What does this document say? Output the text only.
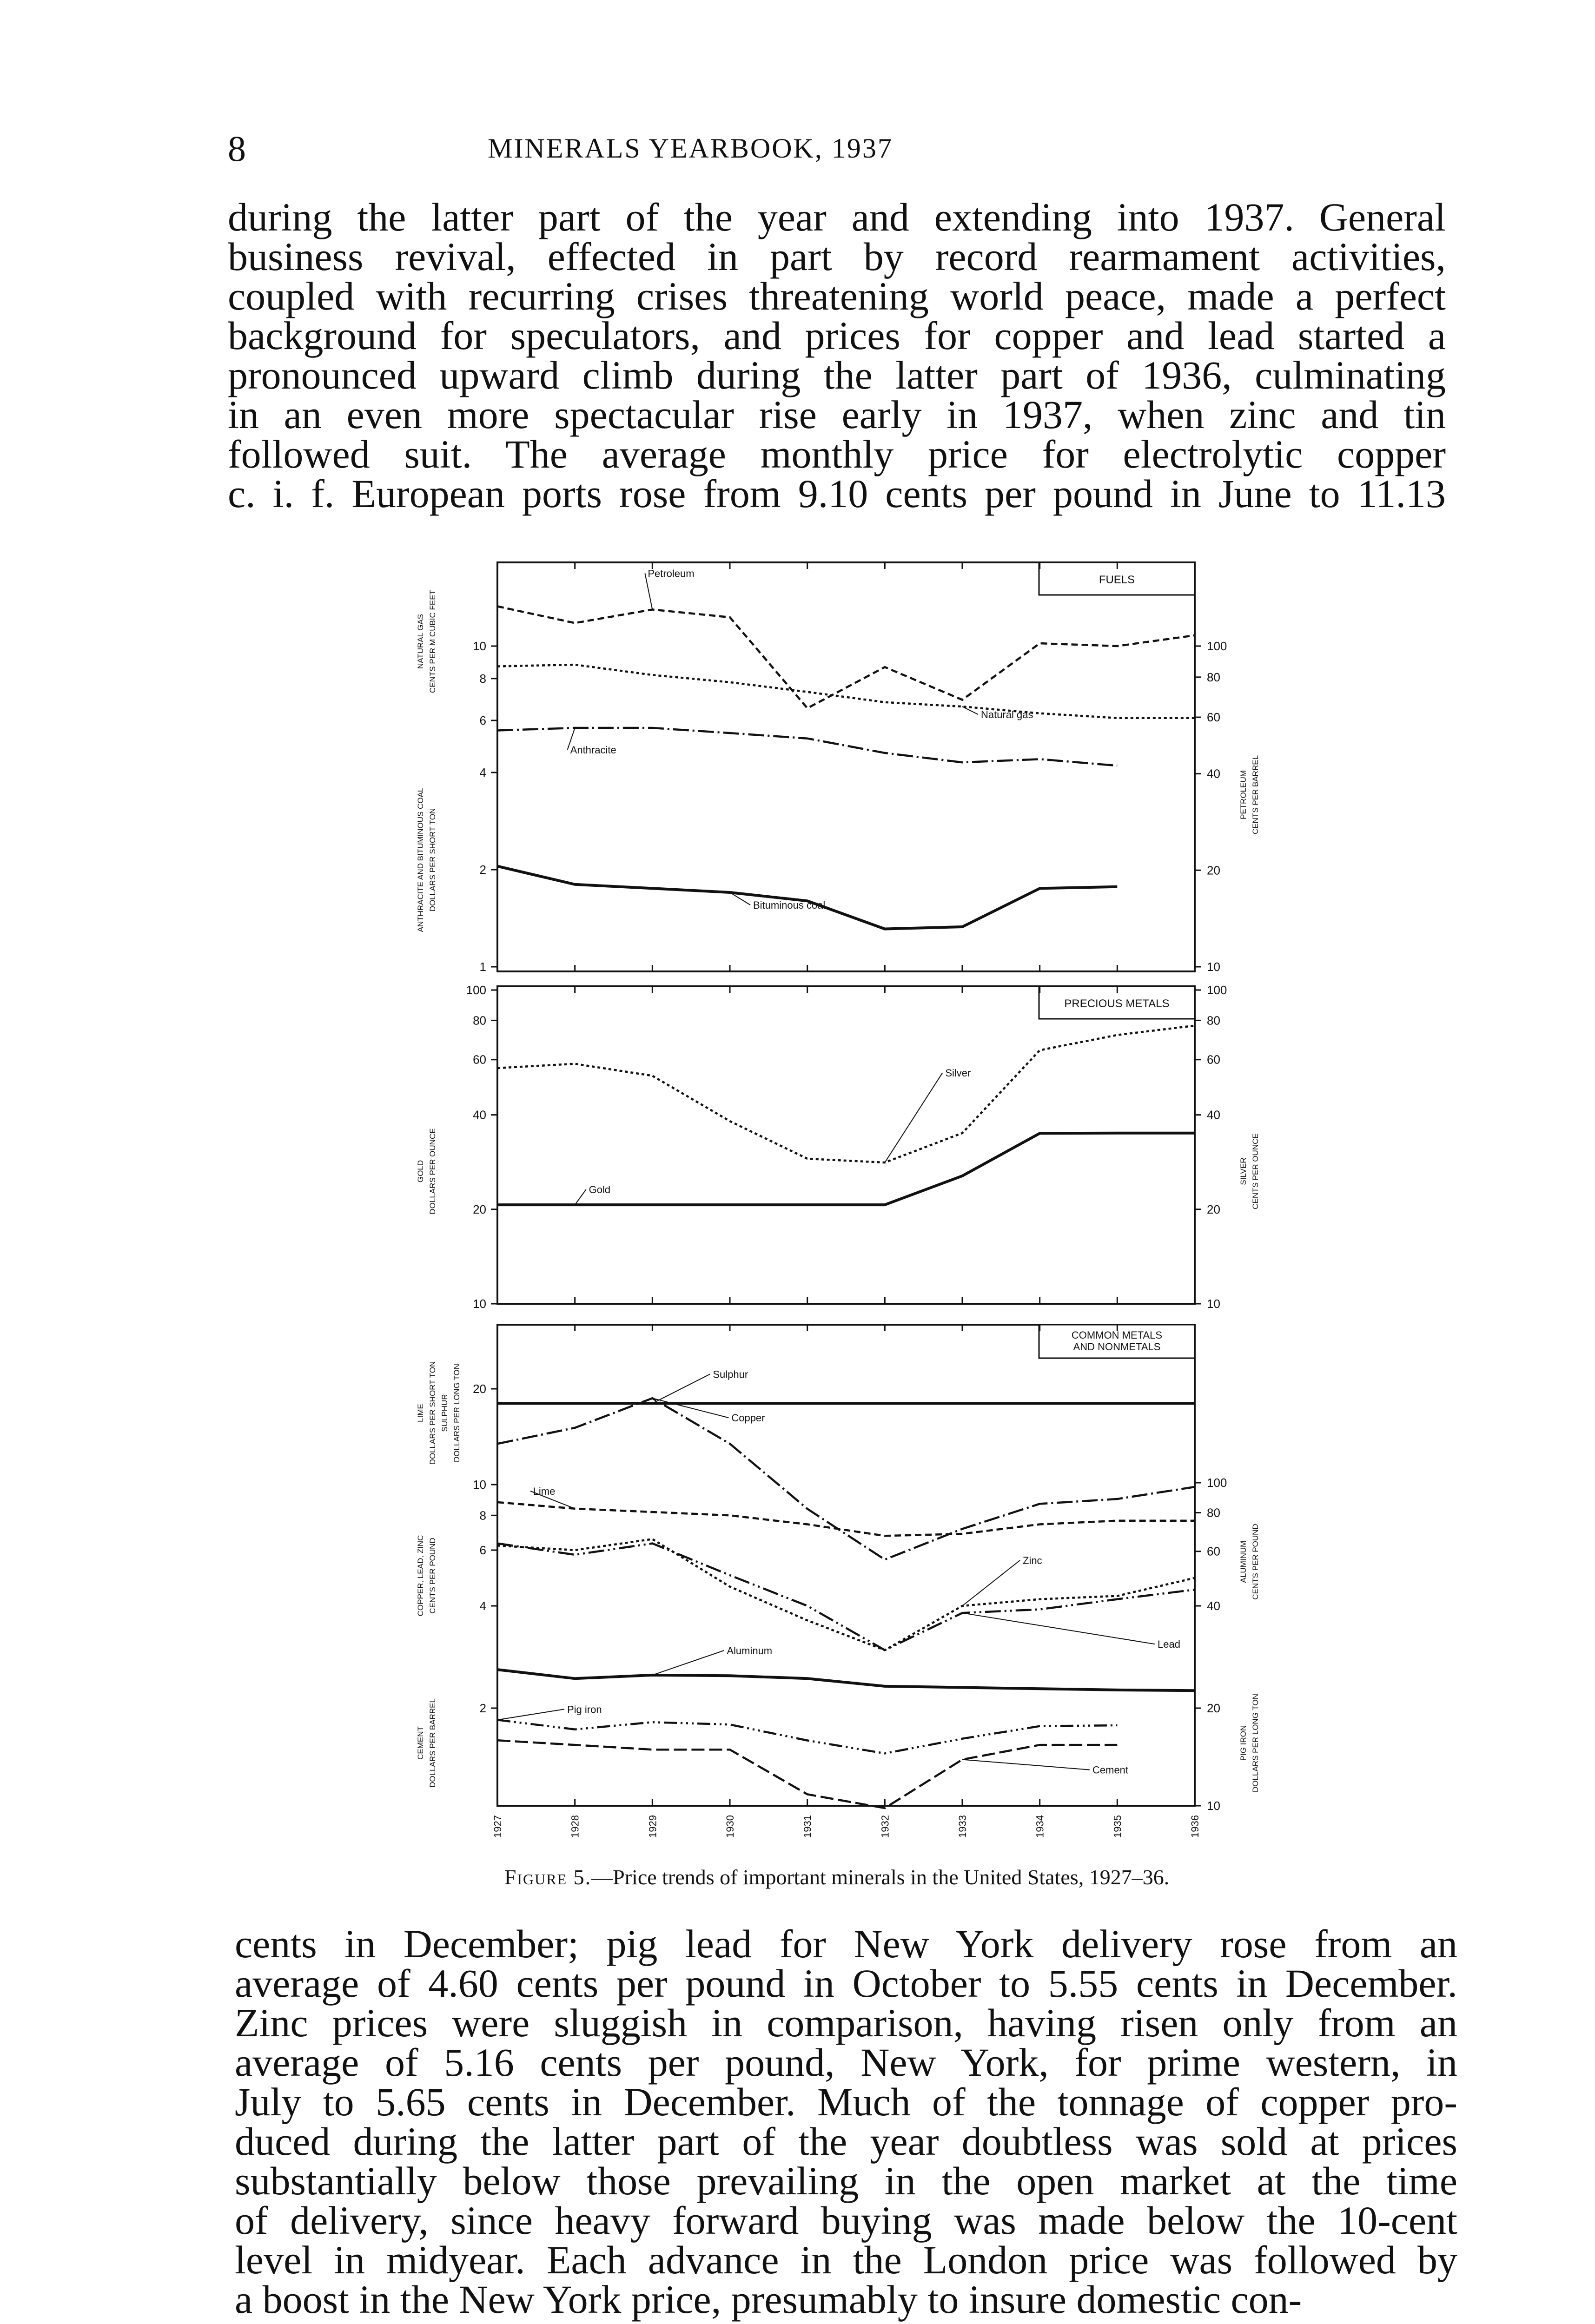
8	MINERALS YEARBOOK, 1937
during the latter part of the year and extending into 1937. General
business revival, effected in part by record rearmament activities,
coupled with recurring crises threatening world peace, made a perfect
background for speculators, and prices for copper and lead started a
pronounced upward climb during the latter part of 1936, culminating
in an even more spectacular rise early in 1937, when zinc and tin
followed suit. The average monthly price for electrolytic copper
c. i. f. European ports rose from 9.10 cents per pound in June to 11.13
FUELS
10
8
6
4
2
1
100
80
60
40
20
10
NATURAL GAS CENTS PER M CUBIC FEET
ANTHRACITE AND BITUMINOUS COAL DOLLARS PER SHORT TON
PETROLEUM CENTS PER BARREL
Petroleum
Natural gas
Anthracite
Bituminous coal
PRECIOUS METALS
100
80
60
40
20
10
100
80
60
40
20
10
GOLD DOLLARS PER OUNCE	SILVER CENTS PER OUNCE
Gold
Silver
COMMON METALS
AND NONMETALS
20
10
8
6
4
2
100
80
60
40
20
10
LIME DOLLARS PER SHORT TON SULPHUR DOLLARS PER LONG TON
COPPER, LEAD, ZINC CENTS PER POUND
CEMENT DOLLARS PER BARREL
ALUMINUM CENTS PER POUND
PIG IRON DOLLARS PER LONG TON
Sulphur
Copper
Lime
Zinc
Lead
Aluminum
Pig iron
Cement
1927	1928	1929	1930	1931	1932	1933	1934	1935	1936
Figure 5.—Price trends of important minerals in the United States, 1927–36.
cents in December; pig lead for New York delivery rose from an
average of 4.60 cents per pound in October to 5.55 cents in December.
Zinc prices were sluggish in comparison, having risen only from an
average of 5.16 cents per pound, New York, for prime western, in
July to 5.65 cents in December. Much of the tonnage of copper pro-
duced during the latter part of the year doubtless was sold at prices
substantially below those prevailing in the open market at the time
of delivery, since heavy forward buying was made below the 10-cent
level in midyear. Each advance in the London price was followed by
a boost in the New York price, presumably to insure domestic con-
